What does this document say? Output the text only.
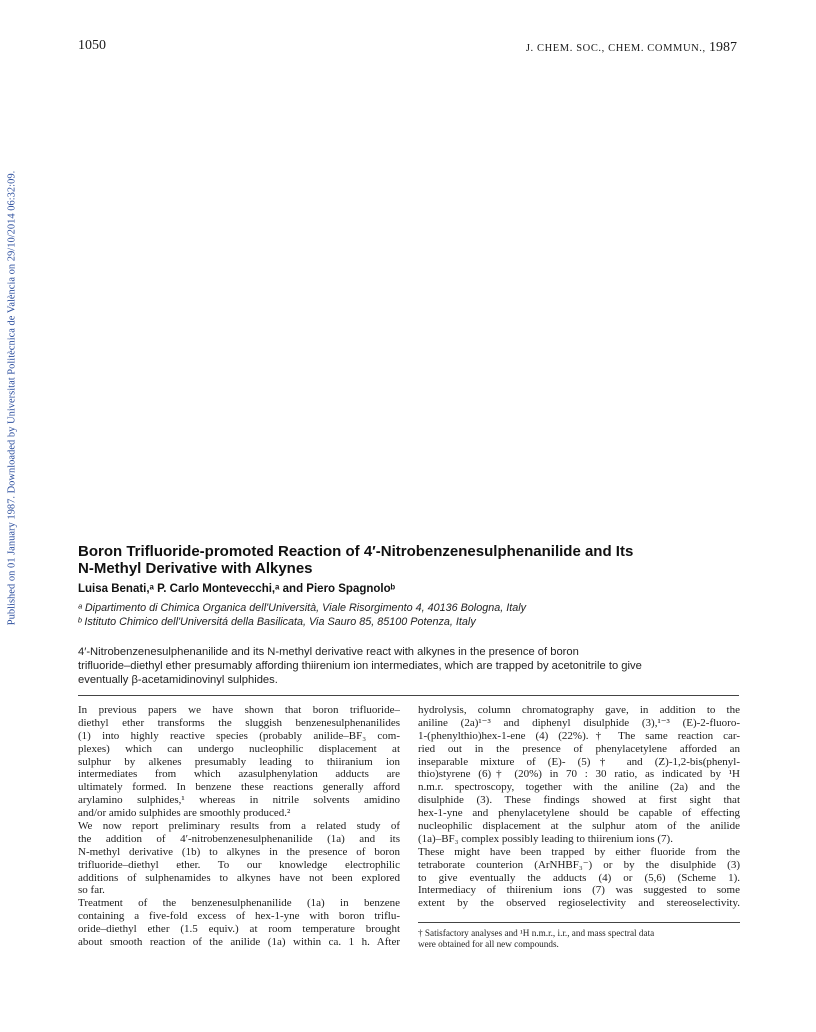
1050	J. CHEM. SOC., CHEM. COMMUN., 1987
Published on 01 January 1987. Downloaded by Universitat Politècnica de València on 29/10/2014 06:32:09.	Boron Trifluoride-promoted Reaction of 4′-Nitrobenzenesulphenanilide and Its
N-Methyl Derivative with Alkynes
Luisa Benati,ᵃ P. Carlo Montevecchi,ᵃ and Piero Spagnoloᵇ
ᵃ Dipartimento di Chimica Organica dell'Università, Viale Risorgimento 4, 40136 Bologna, Italy
ᵇ Istituto Chimico dell'Universitá della Basilicata, Via Sauro 85, 85100 Potenza, Italy

4′-Nitrobenzenesulphenanilide and its N-methyl derivative react with alkynes in the presence of boron
trifluoride–diethyl ether presumably affording thiirenium ion intermediates, which are trapped by acetonitrile to give
eventually β-acetamidinovinyl sulphides.

In previous papers we have shown that boron trifluoride–
diethyl ether transforms the sluggish benzenesulphenanilides
(1) into highly reactive species (probably anilide–BF₃ com-
plexes) which can undergo nucleophilic displacement at
sulphur by alkenes presumably leading to thiiranium ion
intermediates from which azasulphenylation adducts are
ultimately formed. In benzene these reactions generally afford
arylamino sulphides,¹ whereas in nitrile solvents amidino
and/or amido sulphides are smoothly produced.²
We now report preliminary results from a related study of
the addition of 4′-nitrobenzenesulphenanilide (1a) and its
N-methyl derivative (1b) to alkynes in the presence of boron
trifluoride–diethyl ether. To our knowledge electrophilic
additions of sulphenamides to alkynes have not been explored
so far.
Treatment of the benzenesulphenanilide (1a) in benzene
containing a five-fold excess of hex-1-yne with boron triflu-
oride–diethyl ether (1.5 equiv.) at room temperature brought
about smooth reaction of the anilide (1a) within ca. 1 h. After
hydrolysis, column chromatography gave, in addition to the
aniline (2a)¹⁻³ and diphenyl disulphide (3),¹⁻³ (E)-2-fluoro-
1-(phenylthio)hex-1-ene (4) (22%).† The same reaction car-
ried out in the presence of phenylacetylene afforded an
inseparable mixture of (E)- (5)† and (Z)-1,2-bis(phenyl-
thio)styrene (6)† (20%) in 70 : 30 ratio, as indicated by ¹H
n.m.r. spectroscopy, together with the aniline (2a) and the
disulphide (3). These findings showed at first sight that
hex-1-yne and phenylacetylene should be capable of effecting
nucleophilic displacement at the sulphur atom of the anilide
(1a)–BF₃ complex possibly leading to thiirenium ions (7).
These might have been trapped by either fluoride from the
tetraborate counterion (ArNHBF₃⁻) or by the disulphide (3)
to give eventually the adducts (4) or (5,6) (Scheme 1).
Intermediacy of thiirenium ions (7) was suggested to some
extent by the observed regioselectivity and stereoselectivity.

† Satisfactory analyses and ¹H n.m.r., i.r., and mass spectral data
were obtained for all new compounds.
